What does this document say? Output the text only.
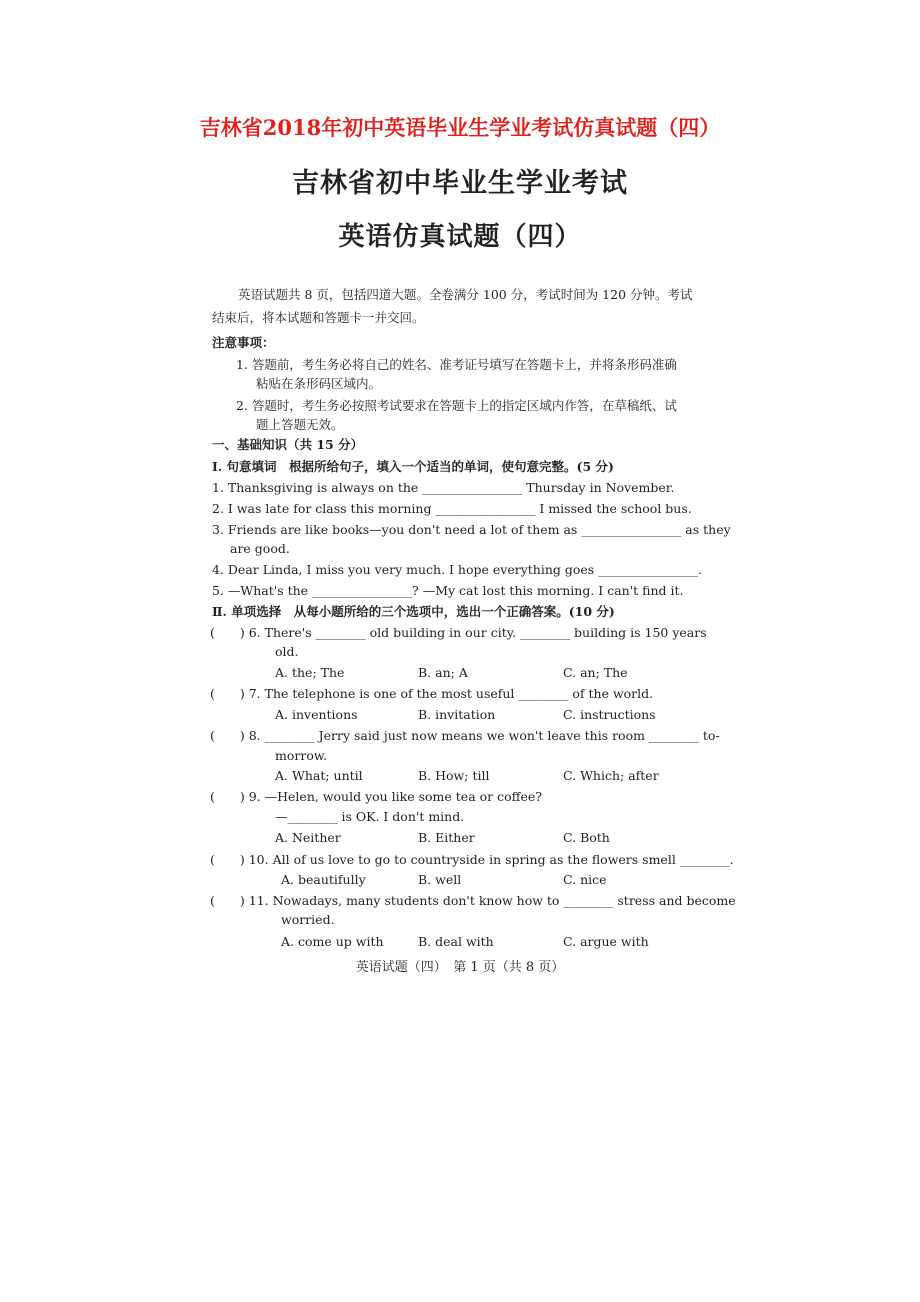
吉林省2018年初中英语毕业生学业考试仿真试题（四）
吉林省初中毕业生学业考试
英语仿真试题（四）
英语试题共 8 页，包括四道大题。全卷满分 100 分，考试时间为 120 分钟。考试
结束后，将本试题和答题卡一并交回。
注意事项：
1. 答题前，考生务必将自己的姓名、准考证号填写在答题卡上，并将条形码准确
粘贴在条形码区域内。
2. 答题时，考生务必按照考试要求在答题卡上的指定区域内作答，在草稿纸、试
题上答题无效。
一、基础知识（共 15 分）
Ⅰ. 句意填词　根据所给句子，填入一个适当的单词，使句意完整。(5 分)
1. Thanksgiving is always on the ________________ Thursday in November.
2. I was late for class this morning ________________ I missed the school bus.
3. Friends are like books—you don't need a lot of them as ________________ as they
are good.
4. Dear Linda, I miss you very much. I hope everything goes ________________.
5. —What's the ________________? —My cat lost this morning. I can't find it.
Ⅱ. 单项选择　从每小题所给的三个选项中，选出一个正确答案。(10 分)
(　　) 6. There's ________ old building in our city. ________ building is 150 years
old.
A. the; The	B. an; A	C. an; The
(　　) 7. The telephone is one of the most useful ________ of the world.
A. inventions	B. invitation	C. instructions
(　　) 8. ________ Jerry said just now means we won't leave this room ________ to-
morrow.
A. What; until	B. How; till	C. Which; after
(　　) 9. —Helen, would you like some tea or coffee?
—________ is OK. I don't mind.
A. Neither	B. Either	C. Both
(　　) 10. All of us love to go to countryside in spring as the flowers smell ________.
A. beautifully	B. well	C. nice
(　　) 11. Nowadays, many students don't know how to ________ stress and become
worried.
A. come up with	B. deal with	C. argue with
英语试题（四）　第 1 页（共 8 页）
